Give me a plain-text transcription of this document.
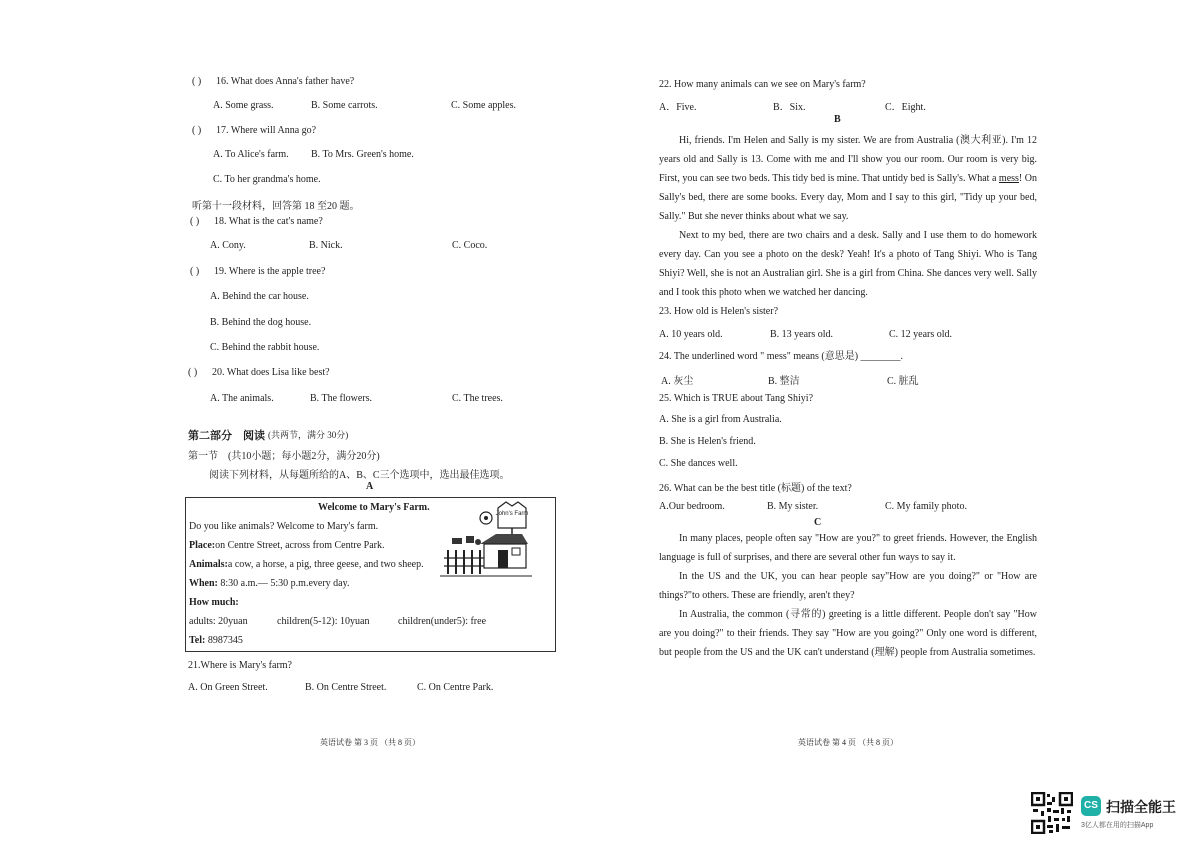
( ) 16. What does Anna's father have?
A. Some grass.	B. Some carrots.	C. Some apples.
( ) 17. Where will Anna go?
A. To Alice's farm. B. To Mrs. Green's home.
C. To her grandma's home.
听第十一段材料，回答第 18 至20 题。
( ) 18. What is the cat's name?
A. Cony.	B. Nick.	C. Coco.
( ) 19. Where is the apple tree?
A. Behind the car house.
B. Behind the dog house.
C. Behind the rabbit house.
( ) 20. What does Lisa like best?
A. The animals.	B. The flowers.	C. The trees.
第二部分　阅读 (共两节，满分 30分)
第一节　(共10小题；每小题2分，满分20分)
阅读下列材料，从每题所给的A、B、C三个选项中，选出最佳选项。
A
Welcome to Mary's Farm.
Do you like animals? Welcome to Mary's farm.
Place:on Centre Street, across from Centre Park.
Animals:a cow, a horse, a pig, three geese, and two sheep.
When: 8:30 a.m.— 5:30 p.m.every day.
How much:
adults: 20yuan	children(5-12): 10yuan	children(under5): free
Tel: 8987345
John's Farm
21.Where is Mary's farm?
A. On Green Street.	B. On Centre Street.	C. On Centre Park.
英语试卷 第 3 页 （共 8 页）
22. How many animals can we see on Mary's farm?
A．Five.	B．Six.	C．Eight.
B

Hi, friends. I'm Helen and Sally is my sister. We are from Australia (澳大利亚). I'm 12 years old and Sally is 13. Come with me and I'll show you our room. Our room is very big. First, you can see two beds. This tidy bed is mine. That untidy bed is Sally's. What a mess! On Sally's bed, there are some books. Every day, Mom and I say to this girl, "Tidy up your bed, Sally." But she never thinks about what we say.

Next to my bed, there are two chairs and a desk. Sally and I use them to do homework every day. Can you see a photo on the desk? Yeah! It's a photo of Tang Shiyi. Who is Tang Shiyi? Well, she is not an Australian girl. She is a girl from China. She dances very well. Sally and I took this photo when we watched her dancing.

23. How old is Helen's sister?
A. 10 years old.	B. 13 years old.	C. 12 years old.
24. The underlined word " mess" means (意思是) ________.
A. 灰尘	B. 整洁	C. 脏乱
25. Which is TRUE about Tang Shiyi?
A. She is a girl from Australia.
B. She is Helen's friend.
C. She dances well.
26. What can be the best title (标题) of the text?
A.Our bedroom.	B. My sister.	C. My family photo.
C

In many places, people often say "How are you?" to greet friends. However, the English language is full of surprises, and there are several other fun ways to say it.

In the US and the UK, you can hear people say"How are you doing?" or "How are things?"to others. These are friendly, aren't they?

In Australia, the common (寻常的) greeting is a little different. People don't say "How are you doing?" to their friends. They say "How are you going?" Only one word is different, but people from the US and the UK can't understand (理解) people from Australia sometimes.

英语试卷 第 4 页 （共 8 页）
CS 扫描全能王
3亿人都在用的扫描App
